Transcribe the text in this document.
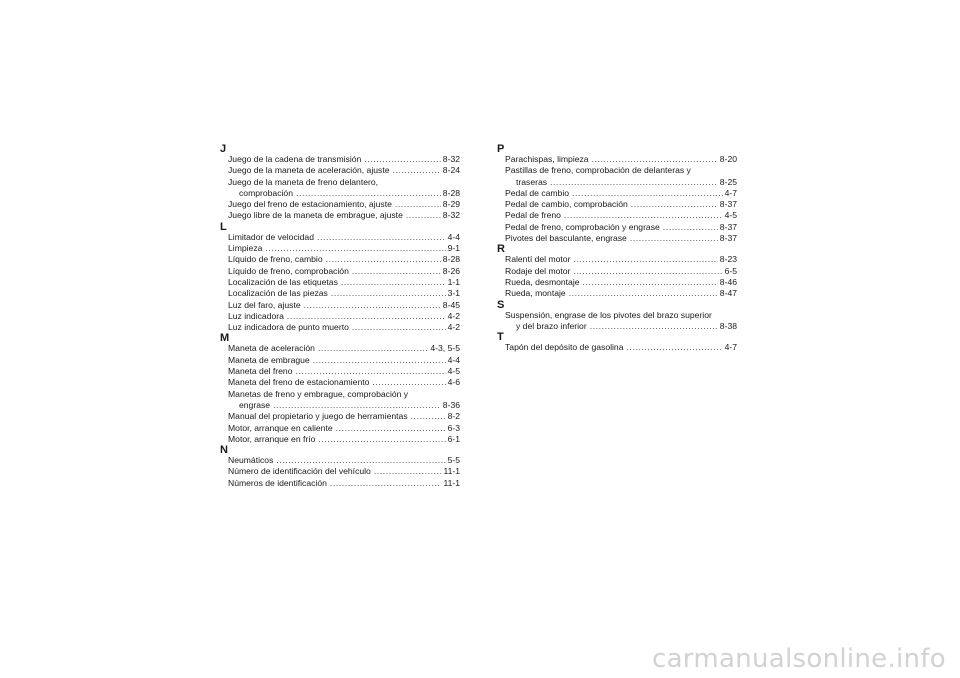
J
Juego de la cadena de transmisión .....	8-32
Juego de la maneta de aceleración, ajuste .....	8-24
Juego de la maneta de freno delantero,
comprobación .....	8-28
Juego del freno de estacionamiento, ajuste .....	8-29
Juego libre de la maneta de embrague, ajuste .....	8-32
L
Limitador de velocidad .....	4-4
Limpieza .....	9-1
Líquido de freno, cambio .....	8-28
Líquido de freno, comprobación .....	8-26
Localización de las etiquetas .....	1-1
Localización de las piezas .....	3-1
Luz del faro, ajuste .....	8-45
Luz indicadora .....	4-2
Luz indicadora de punto muerto .....	4-2
M
Maneta de aceleración .....	4-3, 5-5
Maneta de embrague .....	4-4
Maneta del freno .....	4-5
Maneta del freno de estacionamiento .....	4-6
Manetas de freno y embrague, comprobación y
engrase .....	8-36
Manual del propietario y juego de herramientas .....	8-2
Motor, arranque en caliente .....	6-3
Motor, arranque en frío .....	6-1
N
Neumáticos .....	5-5
Número de identificación del vehículo .....	11-1
Números de identificación .....	11-1
P
Parachispas, limpieza .....	8-20
Pastillas de freno, comprobación de delanteras y
traseras .....	8-25
Pedal de cambio .....	4-7
Pedal de cambio, comprobación .....	8-37
Pedal de freno .....	4-5
Pedal de freno, comprobación y engrase .....	8-37
Pivotes del basculante, engrase .....	8-37
R
Ralentí del motor .....	8-23
Rodaje del motor .....	6-5
Rueda, desmontaje .....	8-46
Rueda, montaje .....	8-47
S
Suspensión, engrase de los pivotes del brazo superior
y del brazo inferior .....	8-38
T
Tapón del depósito de gasolina .....	4-7
carmanualsonline.info
